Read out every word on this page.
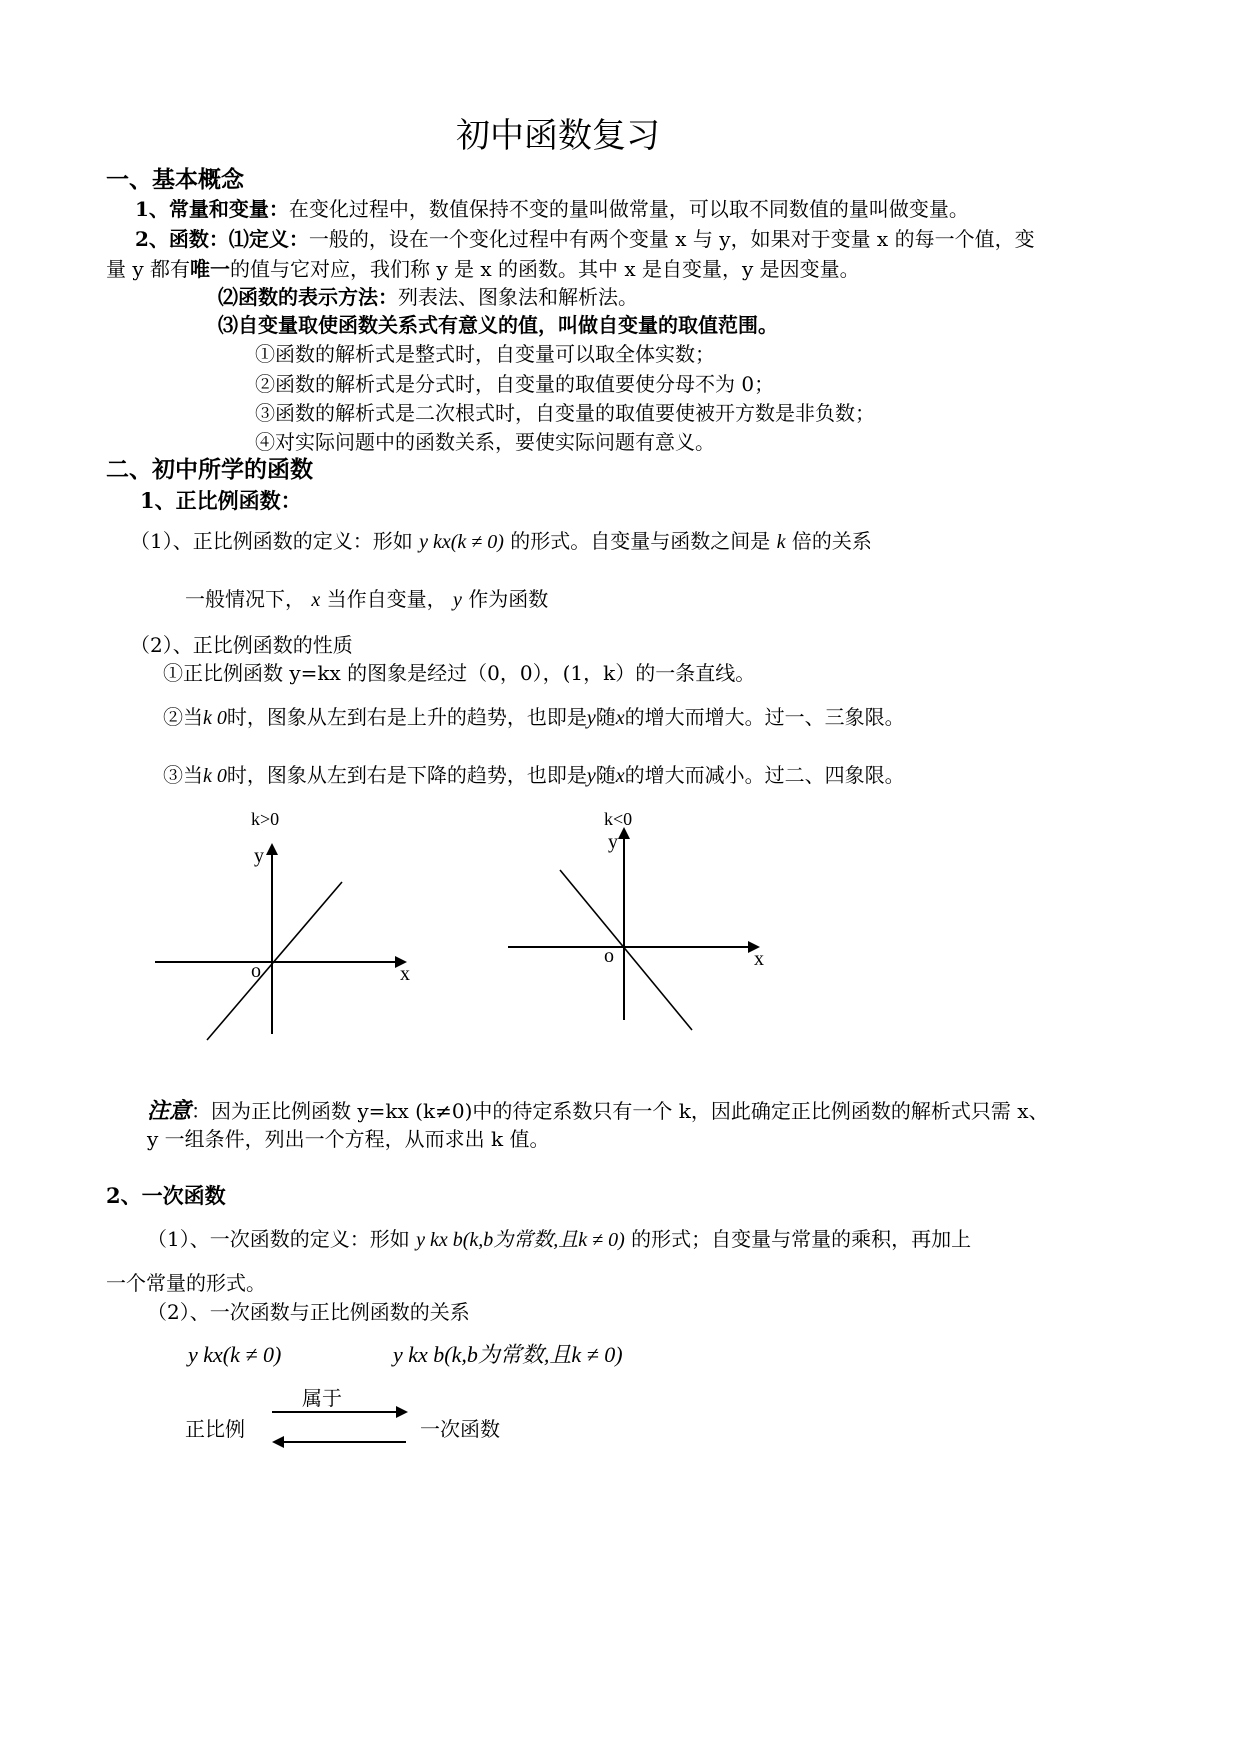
初中函数复习
一、基本概念
1、常量和变量：在变化过程中，数值保持不变的量叫做常量，可以取不同数值的量叫做变量。
2、函数：⑴定义：一般的，设在一个变化过程中有两个变量 x 与 y，如果对于变量 x 的每一个值，变
量 y 都有唯一的值与它对应，我们称 y 是 x 的函数。其中 x 是自变量，y 是因变量。
⑵函数的表示方法：列表法、图象法和解析法。
⑶自变量取使函数关系式有意义的值，叫做自变量的取值范围。
①函数的解析式是整式时，自变量可以取全体实数；
②函数的解析式是分式时，自变量的取值要使分母不为 0；
③函数的解析式是二次根式时，自变量的取值要使被开方数是非负数；
④对实际问题中的函数关系，要使实际问题有意义。
二、初中所学的函数
1、正比例函数：
（1）、正比例函数的定义：形如 y kx(k ≠ 0) 的形式。自变量与函数之间是 k 倍的关系
一般情况下， x 当作自变量， y 作为函数
（2）、正比例函数的性质
①正比例函数 y=kx 的图象是经过（0，0），(1，k）的一条直线。
②当k 0时，图象从左到右是上升的趋势，也即是y随x的增大而增大。过一、三象限。
③当k 0时，图象从左到右是下降的趋势，也即是y随x的增大而减小。过二、四象限。
k>0
y
x
o
k<0
y
x
o
注意：因为正比例函数 y=kx (k≠0)中的待定系数只有一个 k，因此确定正比例函数的解析式只需 x、
y 一组条件，列出一个方程，从而求出 k 值。
2、一次函数
（1）、一次函数的定义：形如 y kx b(k,b为常数,且k ≠ 0) 的形式；自变量与常量的乘积，再加上
一个常量的形式。
（2）、一次函数与正比例函数的关系
y kx(k ≠ 0)	y kx b(k,b为常数,且k ≠ 0)
属于
正比例	一次函数
